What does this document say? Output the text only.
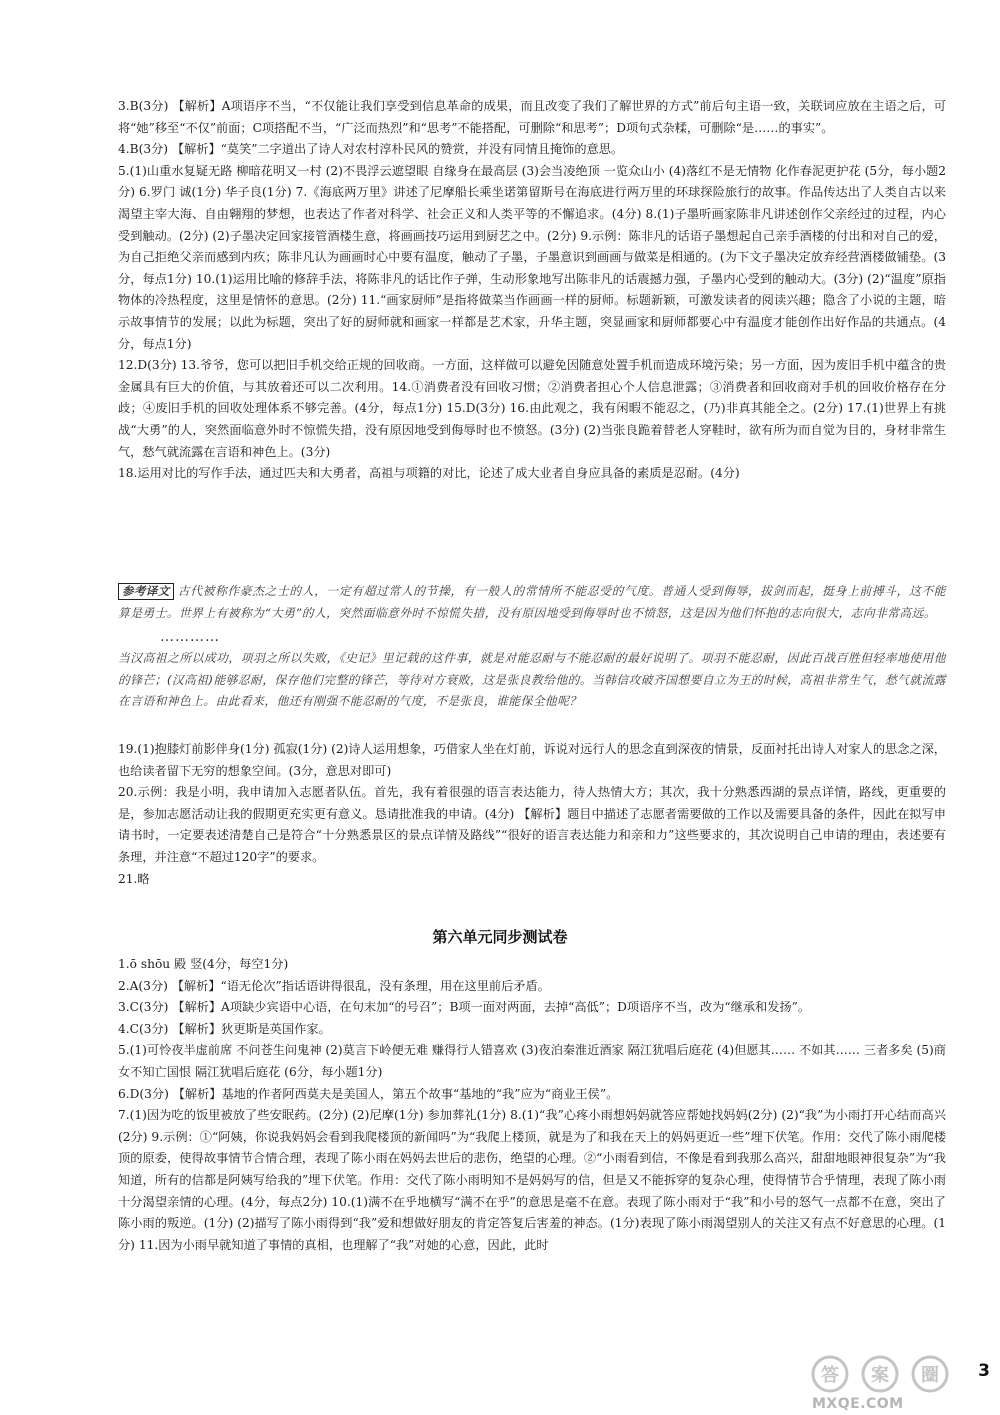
3.B(3分) 【解析】A项语序不当，“不仅能让我们享受到信息革命的成果，而且改变了我们了解世界的方式”前后句主语一致，关联词应放在主语之后，可将“她”移至“不仅”前面；C项搭配不当，“广泛而热烈”和“思考”不能搭配，可删除“和思考”；D项句式杂糅，可删除“是……的事实”。
4.B(3分) 【解析】“莫笑”二字道出了诗人对农村淳朴民风的赞赏，并没有同情且掩饰的意思。
5.(1)山重水复疑无路 柳暗花明又一村 (2)不畏浮云遮望眼 自缘身在最高层 (3)会当凌绝顶 一览众山小 (4)落红不是无情物 化作春泥更护花 (5分，每小题2分) 6.罗门 诚(1分) 华子良(1分) 7.《海底两万里》讲述了尼摩船长乘坐诺第留斯号在海底进行两万里的环球探险旅行的故事。作品传达出了人类自古以来渴望主宰大海、自由翱翔的梦想，也表达了作者对科学、社会正义和人类平等的不懈追求。(4分) 8.(1)子墨听画家陈非凡讲述创作父亲经过的过程，内心受到触动。(2分) (2)子墨决定回家接管酒楼生意，将画画技巧运用到厨艺之中。(2分) 9.示例：陈非凡的话语子墨想起自己亲手酒楼的付出和对自己的爱，为自己拒绝父亲而感到内疚；陈非凡认为画画时心中要有温度，触动了子墨，子墨意识到画画与做菜是相通的。(为下文子墨决定放弃经营酒楼做铺垫。(3分，每点1分) 10.(1)运用比喻的修辞手法，将陈非凡的话比作子弹，生动形象地写出陈非凡的话震撼力强，子墨内心受到的触动大。(3分) (2)“温度”原指物体的冷热程度，这里是情怀的意思。(2分) 11.“画家厨师”是指将做菜当作画画一样的厨师。标题新颖，可激发读者的阅读兴趣；隐含了小说的主题，暗示故事情节的发展；以此为标题，突出了好的厨师就和画家一样都是艺术家，升华主题，突显画家和厨师都要心中有温度才能创作出好作品的共通点。(4分，每点1分)
12.D(3分) 13.爷爷，您可以把旧手机交给正规的回收商。一方面，这样做可以避免因随意处置手机而造成环境污染；另一方面，因为废旧手机中蕴含的贵金属具有巨大的价值，与其放着还可以二次利用。14.①消费者没有回收习惯；②消费者担心个人信息泄露；③消费者和回收商对手机的回收价格存在分歧；④废旧手机的回收处理体系不够完善。(4分，每点1分) 15.D(3分) 16.由此观之，我有闲暇不能忍之，(乃)非真其能全之。(2分) 17.(1)世界上有挑战“大勇”的人，突然面临意外时不惊慌失措，没有原因地受到侮辱时也不愤怒。(3分) (2)当张良跪着替老人穿鞋时，欲有所为而自觉为目的，身材非常生气，愁气就流露在言语和神色上。(3分)
18.运用对比的写作手法，通过匹夫和大勇者，高祖与项籍的对比，论述了成大业者自身应具备的素质是忍耐。(4分)
参考译文 古代被称作豪杰之士的人，一定有超过常人的节操，有一般人的常情所不能忍受的气度。普通人受到侮辱，拔剑而起，挺身上前搏斗，这不能算是勇士。世界上有被称为“大勇”的人，突然面临意外时不惊慌失措，没有原因地受到侮辱时也不愤怒，这是因为他们怀抱的志向很大，志向非常高远。
…………
当汉高祖之所以成功，项羽之所以失败，《史记》里记载的这件事，就是对能忍耐与不能忍耐的最好说明了。项羽不能忍耐，因此百战百胜但轻率地使用他的锋芒；(汉高祖)能够忍耐，保存他们完整的锋芒，等待对方衰败，这是张良教给他的。当韩信攻破齐国想要自立为王的时候，高祖非常生气，愁气就流露在言语和神色上。由此看来，他还有刚强不能忍耐的气度，不是张良，谁能保全他呢？
19.(1)抱膝灯前影伴身(1分) 孤寂(1分) (2)诗人运用想象，巧借家人坐在灯前，诉说对远行人的思念直到深夜的情景，反面衬托出诗人对家人的思念之深，也给读者留下无穷的想象空间。(3分，意思对即可)
20.示例：我是小明，我申请加入志愿者队伍。首先，我有着很强的语言表达能力，待人热情大方；其次，我十分熟悉西湖的景点详情，路线，更重要的是，参加志愿活动让我的假期更充实更有意义。恳请批准我的申请。(4分) 【解析】题目中描述了志愿者需要做的工作以及需要具备的条件，因此在拟写申请书时，一定要表述清楚自己是符合“十分熟悉景区的景点详情及路线”“很好的语言表达能力和亲和力”这些要求的，其次说明自己申请的理由，表述要有条理，并注意“不超过120字”的要求。
21.略
第六单元同步测试卷
1.ō shōu 殿 竖(4分，每空1分)
2.A(3分) 【解析】“语无伦次”指话语讲得很乱，没有条理，用在这里前后矛盾。
3.C(3分) 【解析】A项缺少宾语中心语，在句末加“的号召”；B项一面对两面，去掉“高低”；D项语序不当，改为“继承和发扬”。
4.C(3分) 【解析】狄更斯是英国作家。
5.(1)可怜夜半虚前席 不问苍生问鬼神 (2)莫言下岭便无难 赚得行人错喜欢 (3)夜泊秦淮近酒家 隔江犹唱后庭花 (4)但愿其…… 不如其…… 三者多矣 (5)商女不知亡国恨 隔江犹唱后庭花 (6分，每小题1分)
6.D(3分) 【解析】基地的作者阿西莫夫是美国人，第五个故事“基地的“我”应为“商业王侯”。
7.(1)因为吃的饭里被放了些安眠药。(2分) (2)尼摩(1分) 参加葬礼(1分) 8.(1)“我”心疼小雨想妈妈就答应帮她找妈妈(2分) (2)“我”为小雨打开心结而高兴(2分) 9.示例：①“阿姨，你说我妈妈会看到我爬楼顶的新闻吗”为“我爬上楼顶，就是为了和我在天上的妈妈更近一些”埋下伏笔。作用：交代了陈小雨爬楼顶的原委，使得故事情节合情合理，表现了陈小雨在妈妈去世后的悲伤，绝望的心理。②“小雨看到信，不像是看到我那么高兴，甜甜地眼神很复杂”为“我知道，所有的信都是阿姨写给我的”埋下伏笔。作用：交代了陈小雨明知不是妈妈写的信，但是又不能拆穿的复杂心理，使得情节合乎情理，表现了陈小雨十分渴望亲情的心理。(4分，每点2分) 10.(1)满不在乎地横写“满不在乎”的意思是毫不在意。表现了陈小雨对于“我”和小号的怒气一点都不在意，突出了陈小雨的叛逆。(1分) (2)描写了陈小雨得到“我”爱和想做好朋友的肯定答复后害羞的神态。(1分)表现了陈小雨渴望别人的关注又有点不好意思的心理。(1分) 11.因为小雨早就知道了事情的真相，也理解了“我”对她的心意，因此，此时
3
答 案 圈
MXQE.COM
